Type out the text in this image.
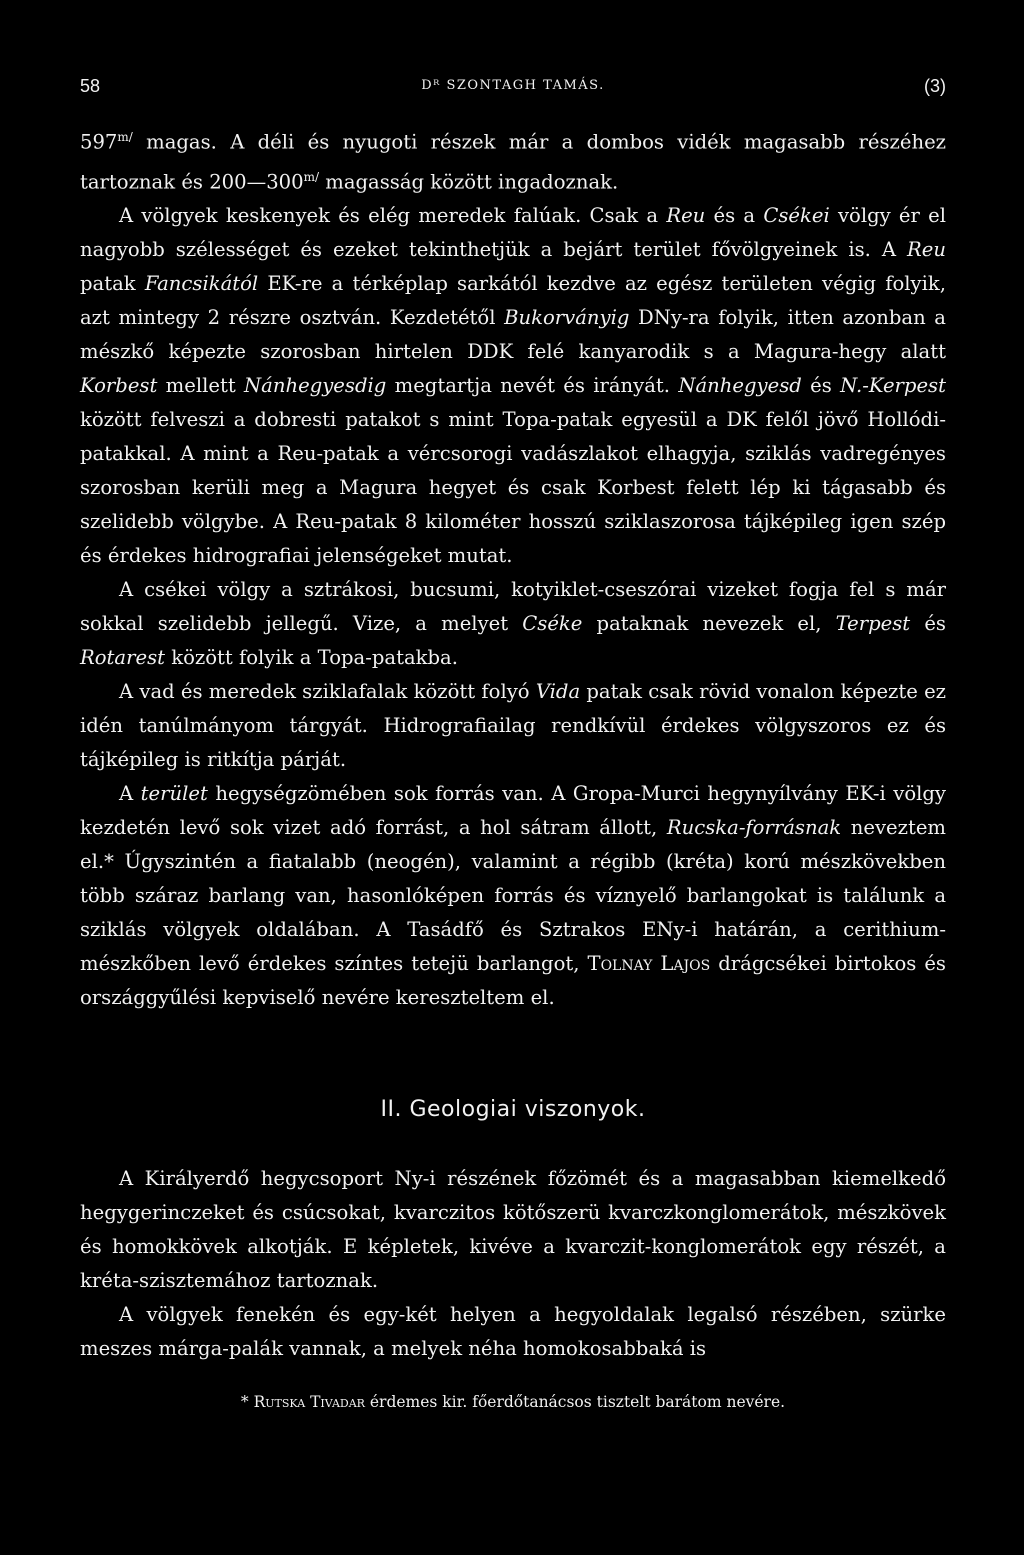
58	Dᴿ SZONTAGH TAMÁS.	(3)

$597^{m/}$ magas. A déli és nyugoti részek már a dombos vidék magasabb részéhez tartoznak és $200—300^{m/}$ magasság között ingadoznak.

A völgyek keskenyek és elég meredek falúak. Csak a Reu és a Csékei völgy ér el nagyobb szélességet és ezeket tekinthetjük a bejárt terület fővölgyeinek is. A Reu patak Fancsikától EK-re a térképlap sarkától kezdve az egész területen végig folyik, azt mintegy 2 részre osztván. Kezdetétől Bukorványig DNy-ra folyik, itten azonban a mészkő képezte szorosban hirtelen DDK felé kanyarodik s a Magura-hegy alatt Korbest mellett Nánhegyesdig megtartja nevét és irányát. Nánhegyesd és N.-Kerpest között felveszi a dobresti patakot s mint Topa-patak egyesül a DK felől jövő Hollódi-patakkal. A mint a Reu-patak a vércsorogi vadászlakot elhagyja, sziklás vadregényes szorosban kerüli meg a Magura hegyet és csak Korbest felett lép ki tágasabb és szelidebb völgybe. A Reu-patak 8 kilométer hosszú sziklaszorosa tájképileg igen szép és érdekes hidrografiai jelenségeket mutat.

A csékei völgy a sztrákosi, bucsumi, kotyiklet-cseszórai vizeket fogja fel s már sokkal szelidebb jellegű. Vize, a melyet Cséke pataknak nevezek el, Terpest és Rotarest között folyik a Topa-patakba.

A vad és meredek sziklafalak között folyó Vida patak csak rövid vonalon képezte ez idén tanúlmányom tárgyát. Hidrografiailag rendkívül érdekes völgyszoros ez és tájképileg is ritkítja párját.

A terület hegységzömében sok forrás van. A Gropa-Murci hegynyílvány EK-i völgy kezdetén levő sok vizet adó forrást, a hol sátram állott, Rucska-forrásnak neveztem el.* Úgyszintén a fiatalabb (neogén), valamint a régibb (kréta) korú mészkövekben több száraz barlang van, hasonlóképen forrás és víznyelő barlangokat is találunk a sziklás völgyek oldalában. A Tasádfő és Sztrakos ENy-i határán, a cerithium-mészkőben levő érdekes színtes tetejü barlangot, Tolnay Lajos drágcsékei birtokos és országgyűlési kepviselő nevére kereszteltem el.

II. Geologiai viszonyok.

A Királyerdő hegycsoport Ny-i részének főzömét és a magasabban kiemelkedő hegygerinczeket és csúcsokat, kvarczitos kötőszerü kvarczkonglomerátok, mészkövek és homokkövek alkotják. E képletek, kivéve a kvarczit-konglomerátok egy részét, a kréta-szisztemához tartoznak.

A völgyek fenekén és egy-két helyen a hegyoldalak legalsó részében, szürke meszes márga-palák vannak, a melyek néha homokosabbaká is

* Rutska Tivadar érdemes kir. főerdőtanácsos tisztelt barátom nevére.
